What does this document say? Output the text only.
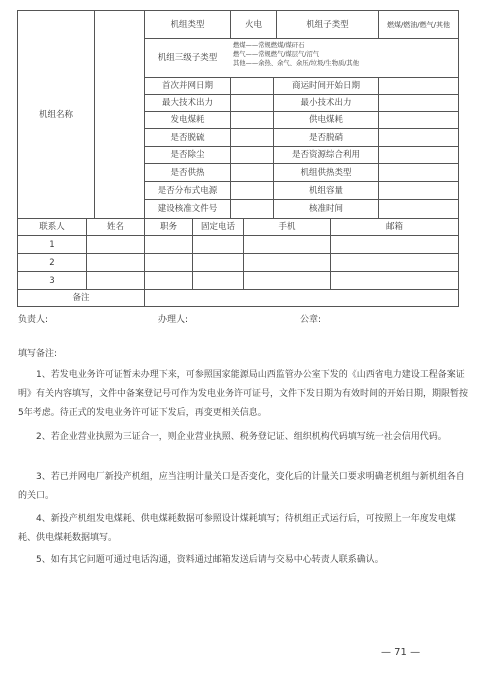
机组名称
机组类型	火电	机组子类型	燃煤/燃油/燃气/其他
机组三级子类型
燃煤——常规燃煤/煤矸石
燃气——常规燃气/煤层气/沼气
其他——余热、余气、余压/垃圾/生物质/其他
首次并网日期	商运时间开始日期
最大技术出力	最小技术出力
发电煤耗	供电煤耗
是否脱硫	是否脱硝
是否除尘	是否资源综合利用
是否供热	机组供热类型
是否分布式电源	机组容量
建设核准文件号	核准时间
联系人	姓名	职务	固定电话	手机	邮箱
1
2
3
备注
负责人:	办理人:	公章:
填写备注:
1、若发电业务许可证暂未办理下来，可参照国家能源局山西监管办公室下发的《山西省电力建设工程备案证明》有关内容填写，文件中备案登记号可作为发电业务许可证号，文件下发日期为有效时间的开始日期，期限暂按5年考虑。待正式的发电业务许可证下发后，再变更相关信息。
2、若企业营业执照为三证合一，则企业营业执照、税务登记证、组织机构代码填写统一社会信用代码。
3、若已并网电厂新投产机组，应当注明计量关口是否变化，变化后的计量关口要求明确老机组与新机组各自的关口。
4、新投产机组发电煤耗、供电煤耗数据可参照设计煤耗填写；待机组正式运行后，可按照上一年度发电煤耗、供电煤耗数据填写。
5、如有其它问题可通过电话沟通，资料通过邮箱发送后请与交易中心转责人联系确认。
— 71 —
